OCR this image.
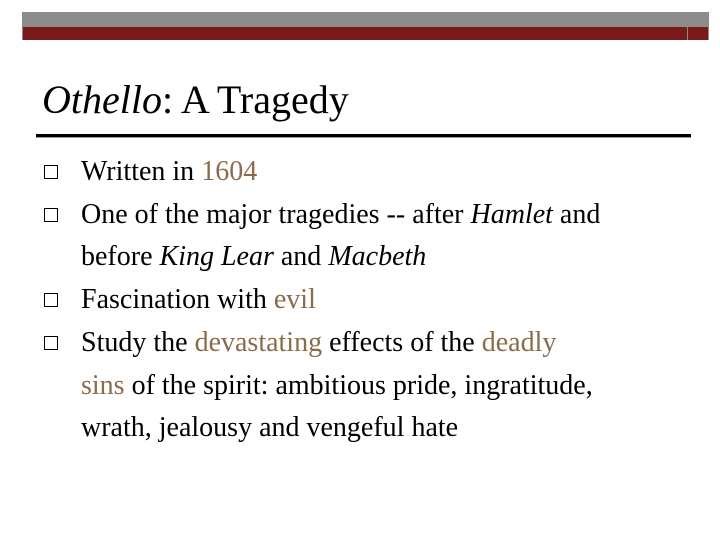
Othello: A Tragedy
Written in 1604
One of the major tragedies -- after Hamlet and
before King Lear and Macbeth
Fascination with evil
Study the devastating effects of the deadly
sins of the spirit: ambitious pride, ingratitude,
wrath, jealousy and vengeful hate
